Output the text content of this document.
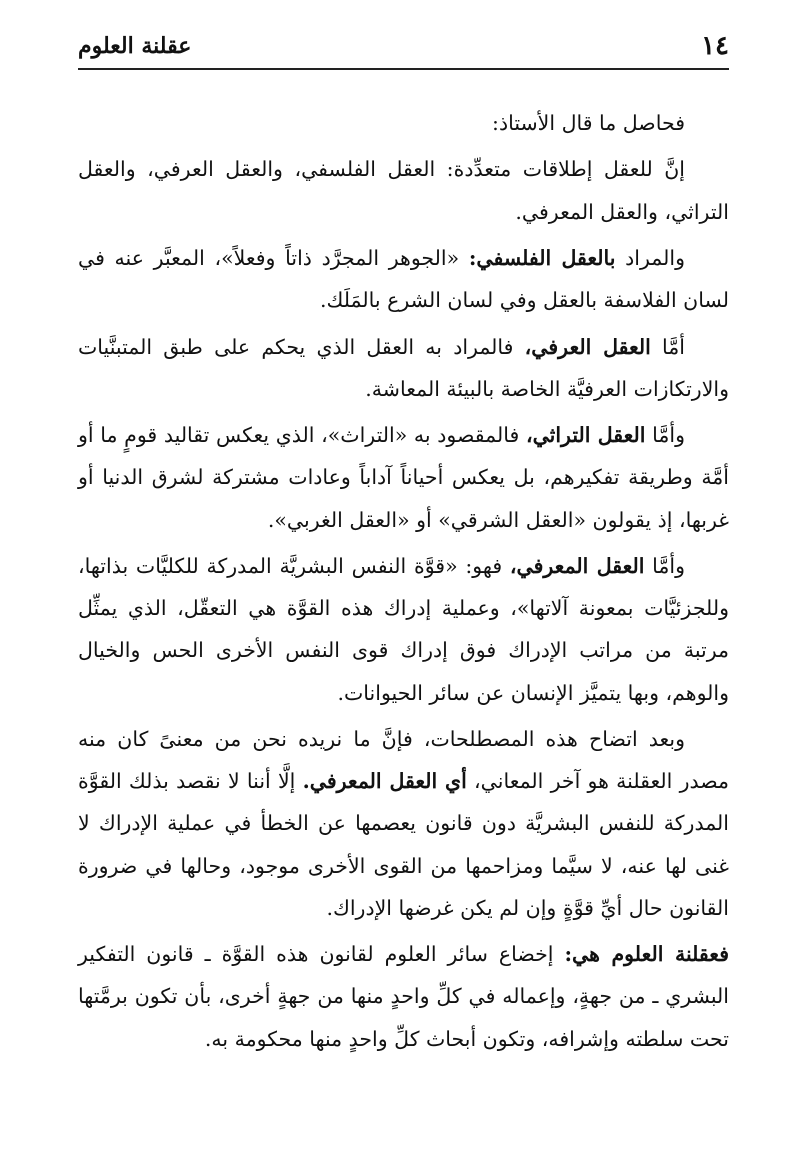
١٤
عقلنة العلوم

فحاصل ما قال الأستاذ:

إنَّ للعقل إطلاقات متعدِّدة: العقل الفلسفي، والعقل العرفي، والعقل التراثي، والعقل المعرفي.

والمراد بالعقل الفلسفي: «الجوهر المجرَّد ذاتاً وفعلاً»، المعبَّر عنه في لسان الفلاسفة بالعقل وفي لسان الشرع بالمَلَك.

أمَّا العقل العرفي، فالمراد به العقل الذي يحكم على طبق المتبنَّيات والارتكازات العرفيَّة الخاصة بالبيئة المعاشة.

وأمَّا العقل التراثي، فالمقصود به «التراث»، الذي يعكس تقاليد قومٍ ما أو أمَّة وطريقة تفكيرهم، بل يعكس أحياناً آداباً وعادات مشتركة لشرق الدنيا أو غربها، إذ يقولون «العقل الشرقي» أو «العقل الغربي».

وأمَّا العقل المعرفي، فهو: «قوَّة النفس البشريَّة المدركة للكليَّات بذاتها، وللجزئيَّات بمعونة آلاتها»، وعملية إدراك هذه القوَّة هي التعقّل، الذي يمثِّل مرتبة من مراتب الإدراك فوق إدراك قوى النفس الأخرى الحس والخيال والوهم، وبها يتميَّز الإنسان عن سائر الحيوانات.

وبعد اتضاح هذه المصطلحات، فإنَّ ما نريده نحن من معنىً كان منه مصدر العقلنة هو آخر المعاني، أي العقل المعرفي. إلَّا أننا لا نقصد بذلك القوَّة المدركة للنفس البشريَّة دون قانون يعصمها عن الخطأ في عملية الإدراك لا غنى لها عنه، لا سيَّما ومزاحمها من القوى الأخرى موجود، وحالها في ضرورة القانون حال أيِّ قوَّةٍ وإن لم يكن غرضها الإدراك.

فعقلنة العلوم هي: إخضاع سائر العلوم لقانون هذه القوَّة ـ قانون التفكير البشري ـ من جهةٍ، وإعماله في كلِّ واحدٍ منها من جهةٍ أخرى، بأن تكون برمَّتها تحت سلطته وإشرافه، وتكون أبحاث كلِّ واحدٍ منها محكومة به.
